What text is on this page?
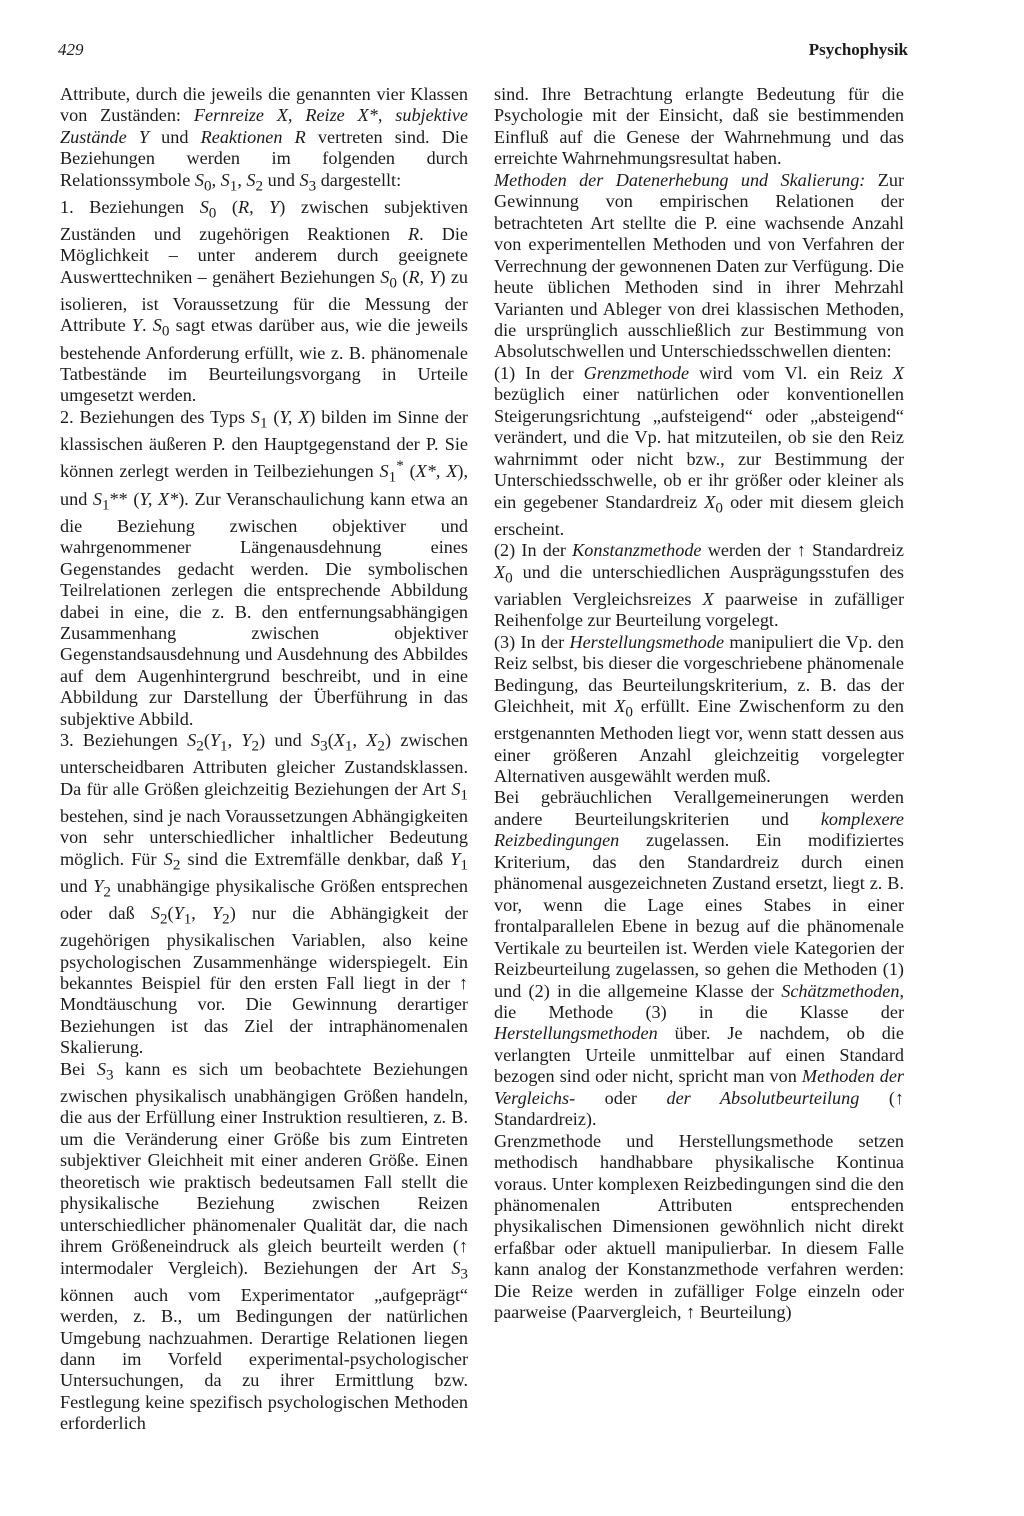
429	Psychophysik

Attribute, durch die jeweils die genannten vier Klassen von Zuständen: Fernreize X, Reize X*, subjektive Zustände Y und Reaktionen R vertreten sind. Die Beziehungen werden im folgenden durch Relationssymbole $S_0$, $S_1$, $S_2$ und $S_3$ dargestellt:

1. Beziehungen $S_0$ (R, Y) zwischen subjektiven Zuständen und zugehörigen Reaktionen R. Die Möglichkeit – unter anderem durch geeignete Auswerttechniken – genähert Beziehungen $S_0$ (R, Y) zu isolieren, ist Voraussetzung für die Messung der Attribute Y. $S_0$ sagt etwas darüber aus, wie die jeweils bestehende Anforderung erfüllt, wie z. B. phänomenale Tatbestände im Beurteilungsvorgang in Urteile umgesetzt werden.

2. Beziehungen des Typs $S_1$ (Y, X) bilden im Sinne der klassischen äußeren P. den Hauptgegenstand der P. Sie können zerlegt werden in Teilbeziehungen $S_1^*$ (X*, X), und $S_1**$ (Y, X*). Zur Veranschaulichung kann etwa an die Beziehung zwischen objektiver und wahrgenommener Längenausdehnung eines Gegenstandes gedacht werden. Die symbolischen Teilrelationen zerlegen die entsprechende Abbildung dabei in eine, die z. B. den entfernungsabhängigen Zusammenhang zwischen objektiver Gegenstandsausdehnung und Ausdehnung des Abbildes auf dem Augenhintergrund beschreibt, und in eine Abbildung zur Darstellung der Überführung in das subjektive Abbild.

3. Beziehungen $S_2(Y_1$, $Y_2$) und $S_3(X_1$, $X_2$) zwischen unterscheidbaren Attributen gleicher Zustandsklassen. Da für alle Größen gleichzeitig Beziehungen der Art $S_1$ bestehen, sind je nach Voraussetzungen Abhängigkeiten von sehr unterschiedlicher inhaltlicher Bedeutung möglich. Für $S_2$ sind die Extremfälle denkbar, daß $Y_1$ und $Y_2$ unabhängige physikalische Größen entsprechen oder daß $S_2(Y_1$, $Y_2$) nur die Abhängigkeit der zugehörigen physikalischen Variablen, also keine psychologischen Zusammenhänge widerspiegelt. Ein bekanntes Beispiel für den ersten Fall liegt in der ↑ Mondtäuschung vor. Die Gewinnung derartiger Beziehungen ist das Ziel der intraphänomenalen Skalierung.

Bei $S_3$ kann es sich um beobachtete Beziehungen zwischen physikalisch unabhängigen Größen handeln, die aus der Erfüllung einer Instruktion resultieren, z. B. um die Veränderung einer Größe bis zum Eintreten subjektiver Gleichheit mit einer anderen Größe. Einen theoretisch wie praktisch bedeutsamen Fall stellt die physikalische Beziehung zwischen Reizen unterschiedlicher phänomenaler Qualität dar, die nach ihrem Größeneindruck als gleich beurteilt werden (↑ intermodaler Vergleich). Beziehungen der Art $S_3$ können auch vom Experimentator „aufgeprägt“ werden, z. B., um Bedingungen der natürlichen Umgebung nachzuahmen. Derartige Relationen liegen dann im Vorfeld experimental-psychologischer Untersuchungen, da zu ihrer Ermittlung bzw. Festlegung keine spezifisch psychologischen Methoden erforderlich

sind. Ihre Betrachtung erlangte Bedeutung für die Psychologie mit der Einsicht, daß sie bestimmenden Einfluß auf die Genese der Wahrnehmung und das erreichte Wahrnehmungsresultat haben.

Methoden der Datenerhebung und Skalierung: Zur Gewinnung von empirischen Relationen der betrachteten Art stellte die P. eine wachsende Anzahl von experimentellen Methoden und von Verfahren der Verrechnung der gewonnenen Daten zur Verfügung. Die heute üblichen Methoden sind in ihrer Mehrzahl Varianten und Ableger von drei klassischen Methoden, die ursprünglich ausschließlich zur Bestimmung von Absolutschwellen und Unterschiedsschwellen dienten:

(1) In der Grenzmethode wird vom Vl. ein Reiz X bezüglich einer natürlichen oder konventionellen Steigerungsrichtung „aufsteigend“ oder „absteigend“ verändert, und die Vp. hat mitzuteilen, ob sie den Reiz wahrnimmt oder nicht bzw., zur Bestimmung der Unterschiedsschwelle, ob er ihr größer oder kleiner als ein gegebener Standardreiz $X_0$ oder mit diesem gleich erscheint.

(2) In der Konstanzmethode werden der ↑ Standardreiz $X_0$ und die unterschiedlichen Ausprägungsstufen des variablen Vergleichsreizes X paarweise in zufälliger Reihenfolge zur Beurteilung vorgelegt.

(3) In der Herstellungsmethode manipuliert die Vp. den Reiz selbst, bis dieser die vorgeschriebene phänomenale Bedingung, das Beurteilungskriterium, z. B. das der Gleichheit, mit $X_0$ erfüllt. Eine Zwischenform zu den erstgenannten Methoden liegt vor, wenn statt dessen aus einer größeren Anzahl gleichzeitig vorgelegter Alternativen ausgewählt werden muß.

Bei gebräuchlichen Verallgemeinerungen werden andere Beurteilungskriterien und komplexere Reizbedingungen zugelassen. Ein modifiziertes Kriterium, das den Standardreiz durch einen phänomenal ausgezeichneten Zustand ersetzt, liegt z. B. vor, wenn die Lage eines Stabes in einer frontalparallelen Ebene in bezug auf die phänomenale Vertikale zu beurteilen ist. Werden viele Kategorien der Reizbeurteilung zugelassen, so gehen die Methoden (1) und (2) in die allgemeine Klasse der Schätzmethoden, die Methode (3) in die Klasse der Herstellungsmethoden über. Je nachdem, ob die verlangten Urteile unmittelbar auf einen Standard bezogen sind oder nicht, spricht man von Methoden der Vergleichs- oder der Absolutbeurteilung (↑ Standardreiz).

Grenzmethode und Herstellungsmethode setzen methodisch handhabbare physikalische Kontinua voraus. Unter komplexen Reizbedingungen sind die den phänomenalen Attributen entsprechenden physikalischen Dimensionen gewöhnlich nicht direkt erfaßbar oder aktuell manipulierbar. In diesem Falle kann analog der Konstanzmethode verfahren werden: Die Reize werden in zufälliger Folge einzeln oder paarweise (Paarvergleich, ↑ Beurteilung)
